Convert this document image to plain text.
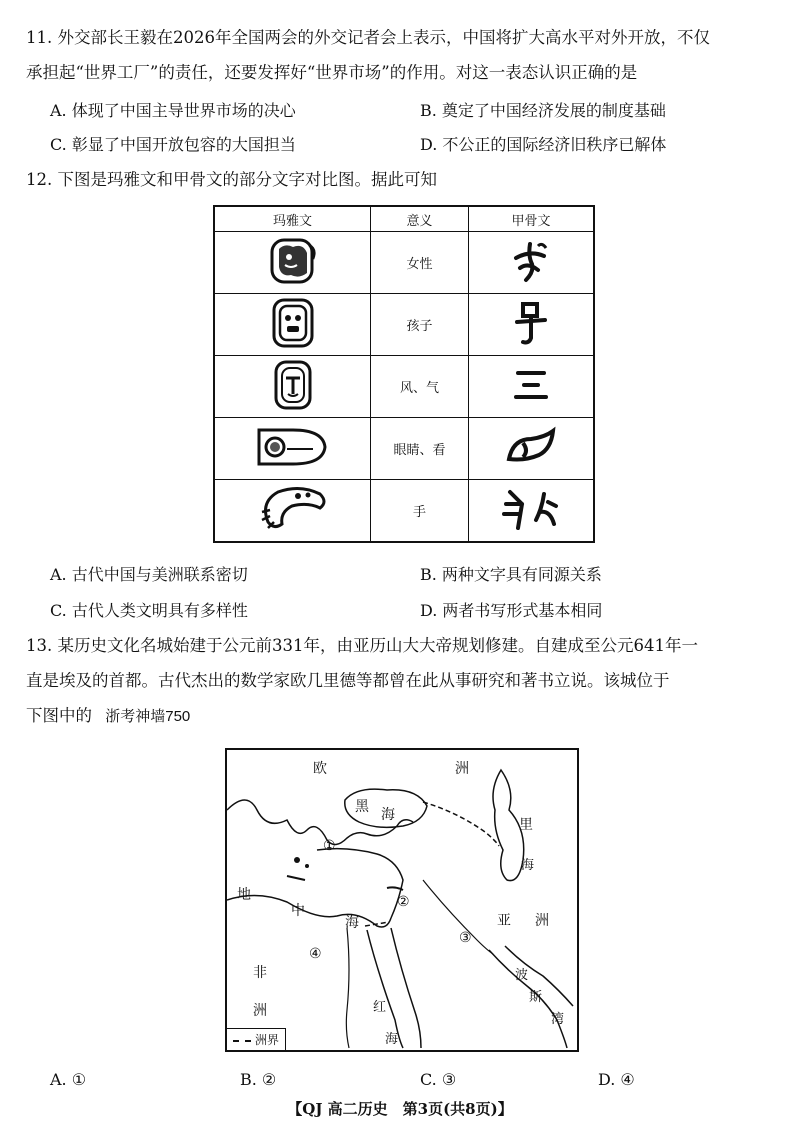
11. 外交部长王毅在2026年全国两会的外交记者会上表示，中国将扩大高水平对外开放，不仅
承担起“世界工厂”的责任，还要发挥好“世界市场”的作用。对这一表态认识正确的是
A. 体现了中国主导世界市场的决心	B. 奠定了中国经济发展的制度基础
C. 彰显了中国开放包容的大国担当	D. 不公正的国际经济旧秩序已解体
12. 下图是玛雅文和甲骨文的部分文字对比图。据此可知
玛雅文	意义	甲骨文
	女性	
	孩子	
	风、气	
	眼睛、看	
	手	
A. 古代中国与美洲联系密切	B. 两种文字具有同源关系
C. 古代人类文明具有多样性	D. 两者书写形式基本相同
13. 某历史文化名城始建于公元前331年，由亚历山大大帝规划修建。自建成至公元641年一
直是埃及的首都。古代杰出的数学家欧几里德等都曾在此从事研究和著书立说。该城位于
下图中的 浙考神墙750
欧	洲
黑 海
里
海
地
中
海	亚 洲
非
洲	红
海
波
斯
湾
①
②
③
④
洲界
A. ①	B. ②	C. ③	D. ④
【QJ 高二历史　第3页(共8页)】
